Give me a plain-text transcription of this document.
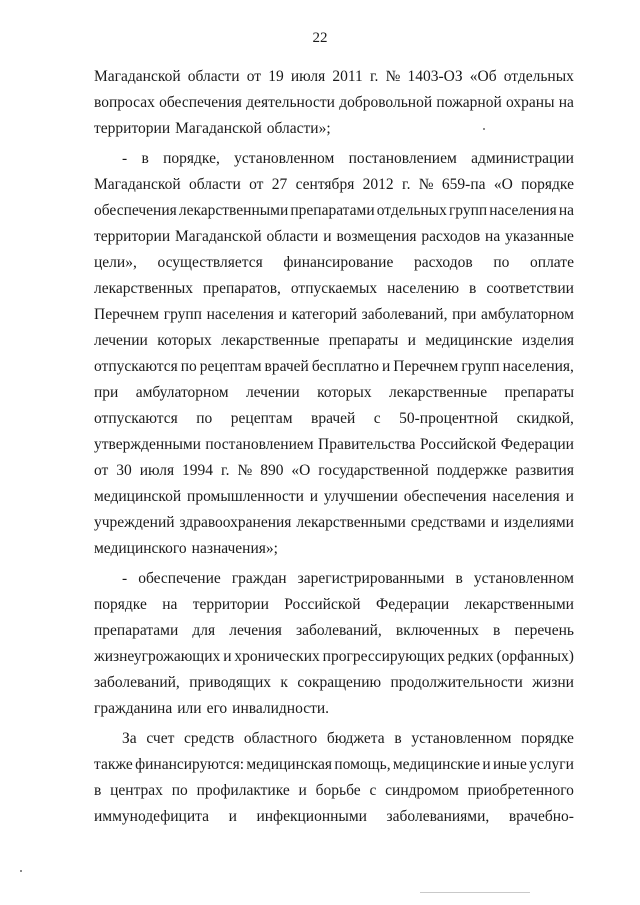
22
Магаданской области от 19 июля 2011 г. № 1403-ОЗ «Об отдельных
вопросах обеспечения деятельности добровольной пожарной охраны на
территории Магаданской области»;
- в порядке, установленном постановлением администрации
Магаданской области от 27 сентября 2012 г. № 659-па «О порядке
обеспечения лекарственными препаратами отдельных групп населения на
территории Магаданской области и возмещения расходов на указанные
цели», осуществляется финансирование расходов по оплате
лекарственных препаратов, отпускаемых населению в соответствии
Перечнем групп населения и категорий заболеваний, при амбулаторном
лечении которых лекарственные препараты и медицинские изделия
отпускаются по рецептам врачей бесплатно и Перечнем групп населения,
при амбулаторном лечении которых лекарственные препараты
отпускаются по рецептам врачей с 50-процентной скидкой,
утвержденными постановлением Правительства Российской Федерации
от 30 июля 1994 г. № 890 «О государственной поддержке развития
медицинской промышленности и улучшении обеспечения населения и
учреждений здравоохранения лекарственными средствами и изделиями
медицинского назначения»;
- обеспечение граждан зарегистрированными в установленном
порядке на территории Российской Федерации лекарственными
препаратами для лечения заболеваний, включенных в перечень
жизнеугрожающих и хронических прогрессирующих редких (орфанных)
заболеваний, приводящих к сокращению продолжительности жизни
гражданина или его инвалидности.
За счет средств областного бюджета в установленном порядке
также финансируются: медицинская помощь, медицинские и иные услуги
в центрах по профилактике и борьбе с синдромом приобретенного
иммунодефицита и инфекционными заболеваниями, врачебно-
